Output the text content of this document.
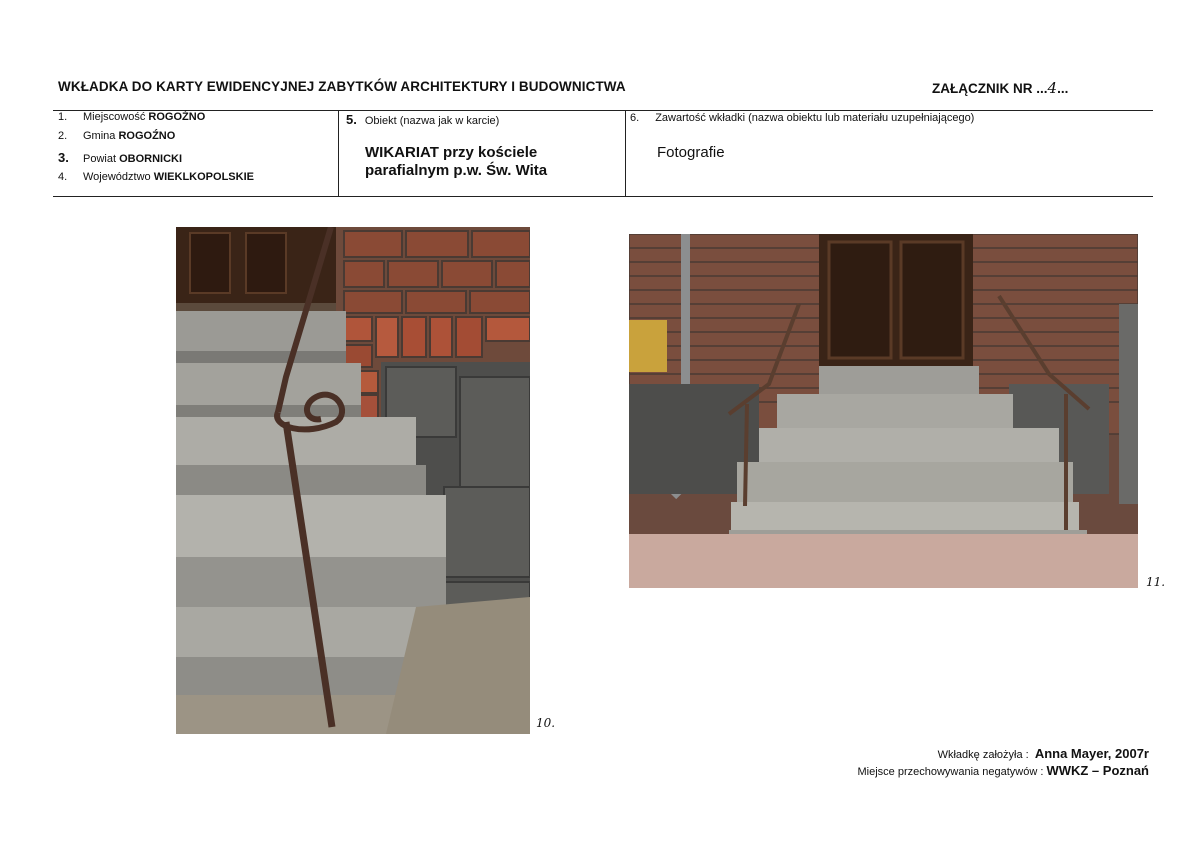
WKŁADKA DO KARTY EWIDENCYJNEJ ZABYTKÓW ARCHITEKTURY I BUDOWNICTWA	ZAŁĄCZNIK NR ...4...
1. Miejscowość ROGOŹNO
2. Gmina ROGOŹNO
3. Powiat OBORNICKI
4. Województwo WIEKLKOPOLSKIE
5. Obiekt (nazwa jak w karcie)
WIKARIAT przy kościele
parafialnym p.w. Św. Wita
6. Zawartość wkładki (nazwa obiektu lub materiału uzupełniającego)
Fotografie
10.
11.
Wkładkę założyła : Anna Mayer, 2007r
Miejsce przechowywania negatywów : WWKZ – Poznań
